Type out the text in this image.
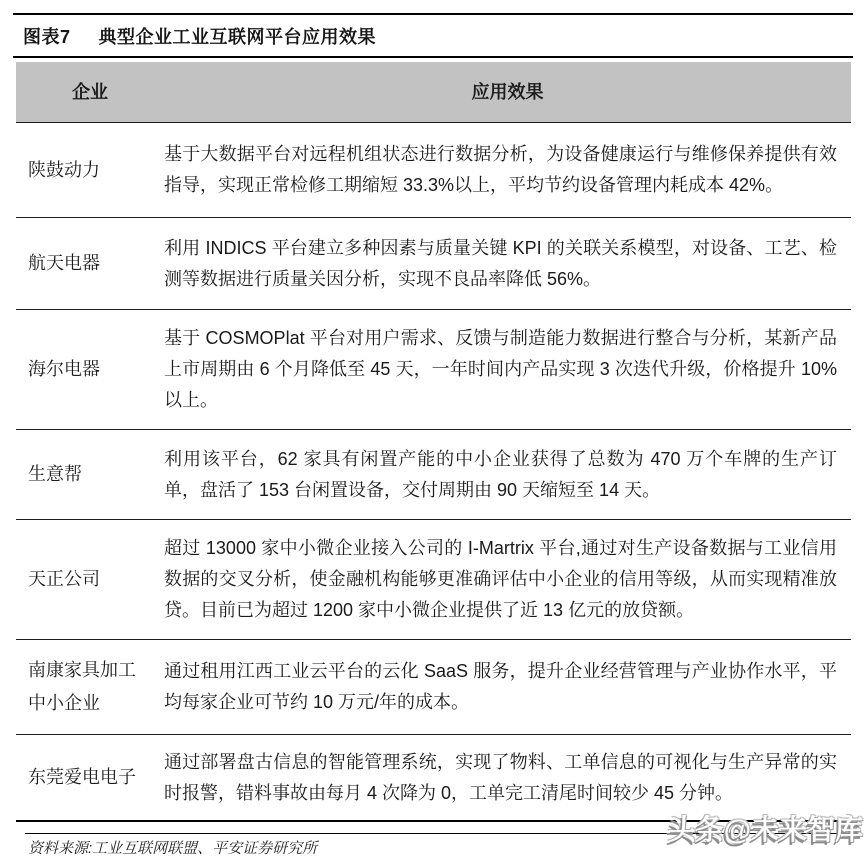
图表7 典型企业工业互联网平台应用效果
企业	应用效果
陕鼓动力
基于大数据平台对远程机组状态进行数据分析，为设备健康运行与维修保养提供有效指导，实现正常检修工期缩短 33.3%以上，平均节约设备管理内耗成本 42%。
航天电器
利用 INDICS 平台建立多种因素与质量关键 KPI 的关联关系模型，对设备、工艺、检测等数据进行质量关因分析，实现不良品率降低 56%。
海尔电器
基于 COSMOPlat 平台对用户需求、反馈与制造能力数据进行整合与分析，某新产品上市周期由 6 个月降低至 45 天，一年时间内产品实现 3 次迭代升级，价格提升 10%以上。
生意帮
利用该平台，62 家具有闲置产能的中小企业获得了总数为 470 万个车牌的生产订单，盘活了 153 台闲置设备，交付周期由 90 天缩短至 14 天。
天正公司
超过 13000 家中小微企业接入公司的 I-Martrix 平台,通过对生产设备数据与工业信用数据的交叉分析，使金融机构能够更准确评估中小企业的信用等级，从而实现精准放贷。目前已为超过 1200 家中小微企业提供了近 13 亿元的放贷额。
南康家具加工中小企业
通过租用江西工业云平台的云化 SaaS 服务，提升企业经营管理与产业协作水平，平均每家企业可节约 10 万元/年的成本。
东莞爱电电子
通过部署盘古信息的智能管理系统，实现了物料、工单信息的可视化与生产异常的实时报警，错料事故由每月 4 次降为 0，工单完工清尾时间较少 45 分钟。
资料来源:工业互联网联盟、平安证券研究所
头条@未来智库
